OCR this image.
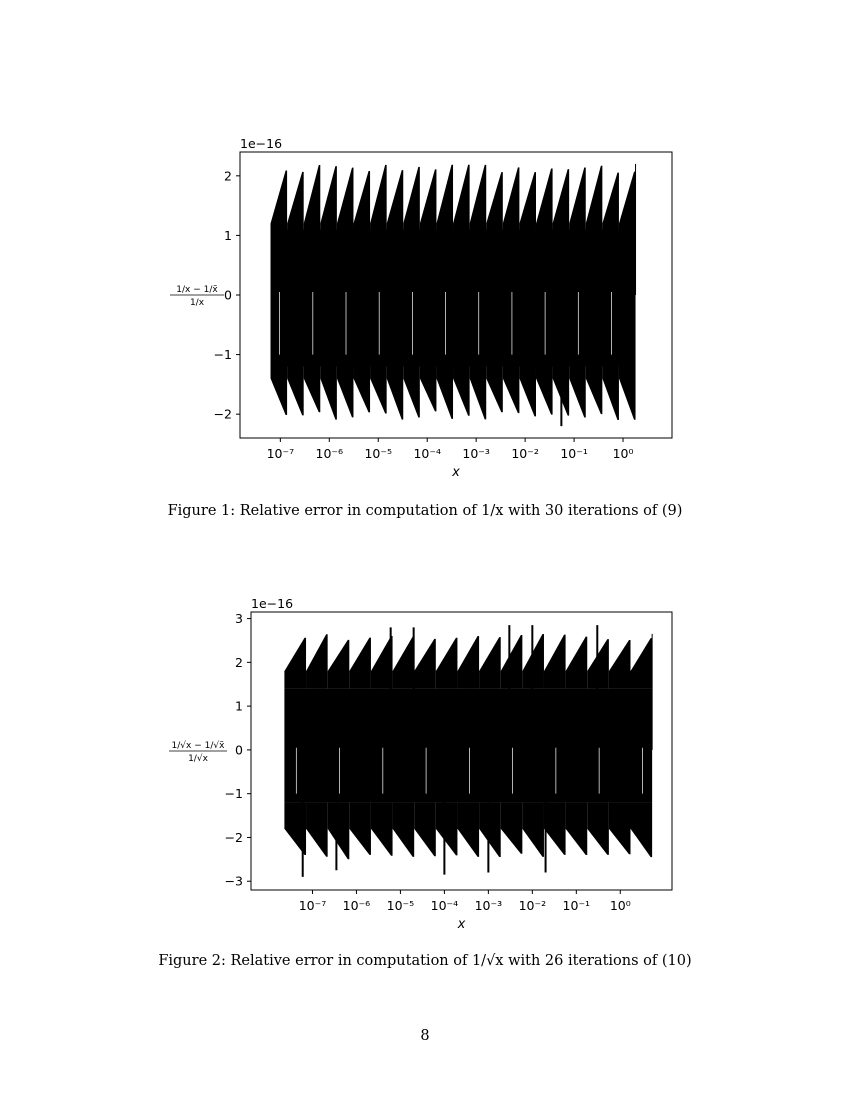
10⁻⁷ 10⁻⁶ 10⁻⁵ 10⁻⁴ 10⁻³ 10⁻² 10⁻¹ 10⁰
2
1
0
−1
−2
1e−16
x
1/x − 1/x̃
1/x
Figure 1: Relative error in computation of 1/x with 30 iterations of (9)
10⁻⁷ 10⁻⁶ 10⁻⁵ 10⁻⁴ 10⁻³ 10⁻² 10⁻¹ 10⁰
3
2
1
0
−1
−2
−3
1e−16
x
1/√x − 1/√x̃
1/√x
Figure 2: Relative error in computation of 1/√x with 26 iterations of (10)
8
